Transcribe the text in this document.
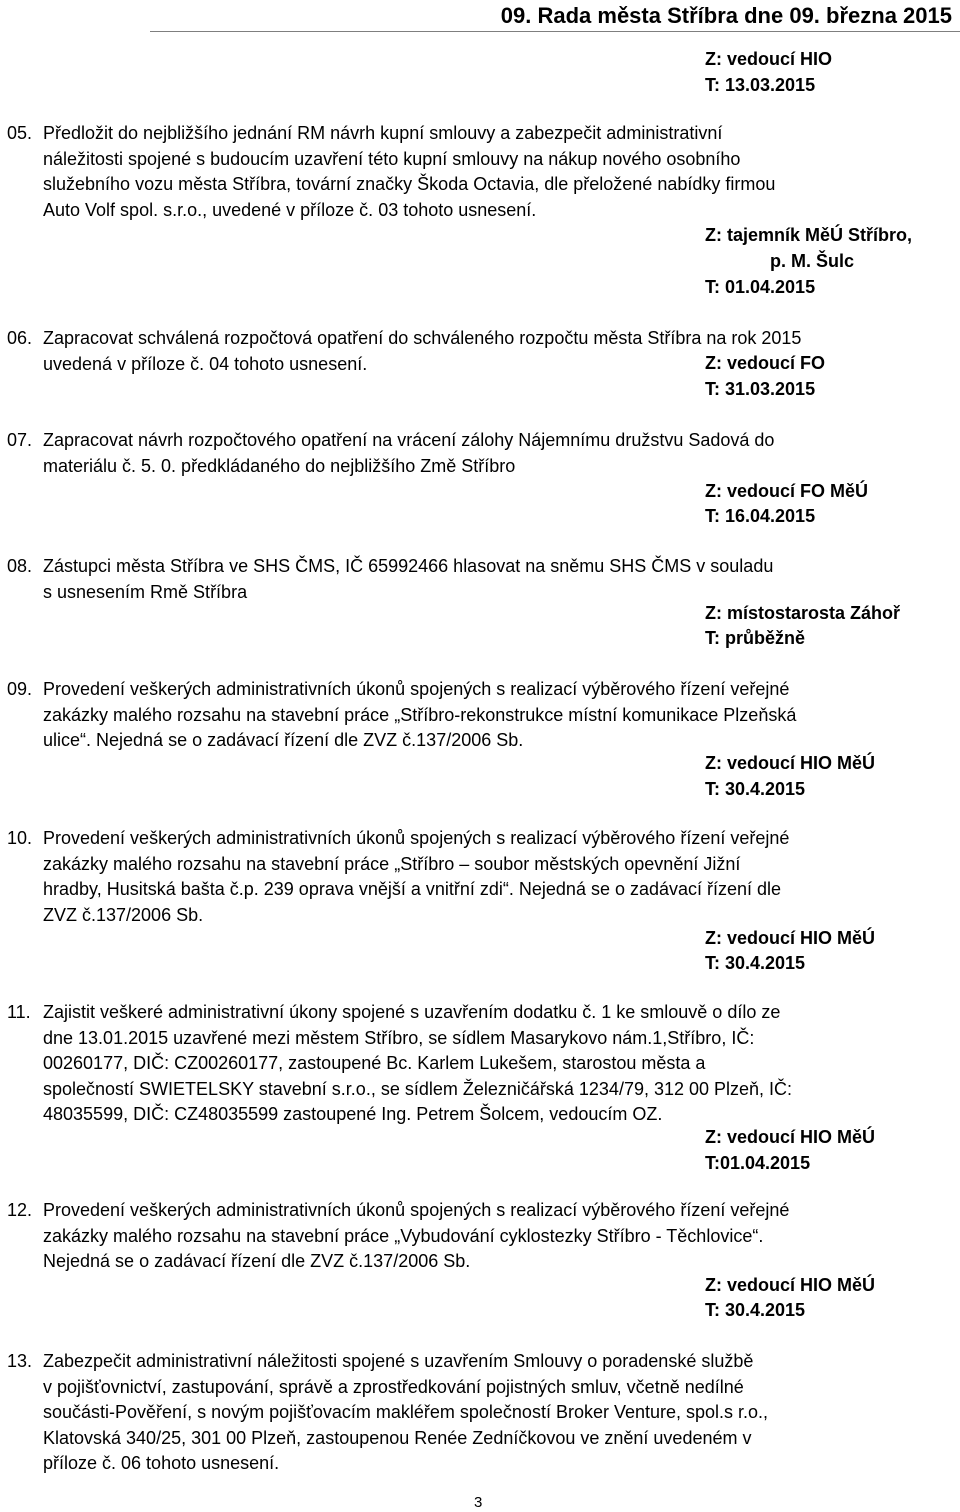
09. Rada města Stříbra dne 09. března 2015
Z: vedoucí HIO
T: 13.03.2015
05. Předložit do nejbližšího jednání RM návrh kupní smlouvy a zabezpečit administrativní
náležitosti spojené s budoucím uzavření této kupní smlouvy na nákup nového osobního
služebního vozu města Stříbra, tovární značky Škoda Octavia, dle přeložené nabídky firmou
Auto Volf spol. s.r.o., uvedené v příloze č. 03 tohoto usnesení.
Z: tajemník MěÚ Stříbro,
p. M. Šulc
T: 01.04.2015
06. Zapracovat schválená rozpočtová opatření do schváleného rozpočtu města Stříbra na rok 2015
uvedená v příloze č. 04 tohoto usnesení.	Z: vedoucí FO
T: 31.03.2015
07. Zapracovat návrh rozpočtového opatření na vrácení zálohy Nájemnímu družstvu Sadová do
materiálu č. 5. 0. předkládaného do nejbližšího Změ Stříbro
Z: vedoucí FO MěÚ
T: 16.04.2015
08. Zástupci města Stříbra ve SHS ČMS, IČ 65992466 hlasovat na sněmu SHS ČMS v souladu
s usnesením Rmě Stříbra
Z: místostarosta Záhoř
T: průběžně
09. Provedení veškerých administrativních úkonů spojených s realizací výběrového řízení veřejné
zakázky malého rozsahu na stavební práce „Stříbro-rekonstrukce místní komunikace Plzeňská
ulice“. Nejedná se o zadávací řízení dle ZVZ č.137/2006 Sb.
Z: vedoucí HIO MěÚ
T: 30.4.2015
10. Provedení veškerých administrativních úkonů spojených s realizací výběrového řízení veřejné
zakázky malého rozsahu na stavební práce „Stříbro – soubor městských opevnění Jižní
hradby, Husitská bašta č.p. 239 oprava vnější a vnitřní zdi“. Nejedná se o zadávací řízení dle
ZVZ č.137/2006 Sb.
Z: vedoucí HIO MěÚ
T: 30.4.2015
11. Zajistit veškeré administrativní úkony spojené s uzavřením dodatku č. 1 ke smlouvě o dílo ze
dne 13.01.2015 uzavřené mezi městem Stříbro, se sídlem Masarykovo nám.1,Stříbro, IČ:
00260177, DIČ: CZ00260177, zastoupené Bc. Karlem Lukešem, starostou města a
společností SWIETELSKY stavební s.r.o., se sídlem Železničářská 1234/79, 312 00 Plzeň, IČ:
48035599, DIČ: CZ48035599 zastoupené Ing. Petrem Šolcem, vedoucím OZ.
Z: vedoucí HIO MěÚ
T:01.04.2015
12. Provedení veškerých administrativních úkonů spojených s realizací výběrového řízení veřejné
zakázky malého rozsahu na stavební práce „Vybudování cyklostezky Stříbro - Těchlovice“.
Nejedná se o zadávací řízení dle ZVZ č.137/2006 Sb.
Z: vedoucí HIO MěÚ
T: 30.4.2015
13. Zabezpečit administrativní náležitosti spojené s uzavřením Smlouvy o poradenské službě
v pojišťovnictví, zastupování, správě a zprostředkování pojistných smluv, včetně nedílné
součásti-Pověření, s novým pojišťovacím makléřem společností Broker Venture, spol.s r.o.,
Klatovská 340/25, 301 00 Plzeň, zastoupenou Renée Zedníčkovou ve znění uvedeném v
příloze č. 06 tohoto usnesení.
3
